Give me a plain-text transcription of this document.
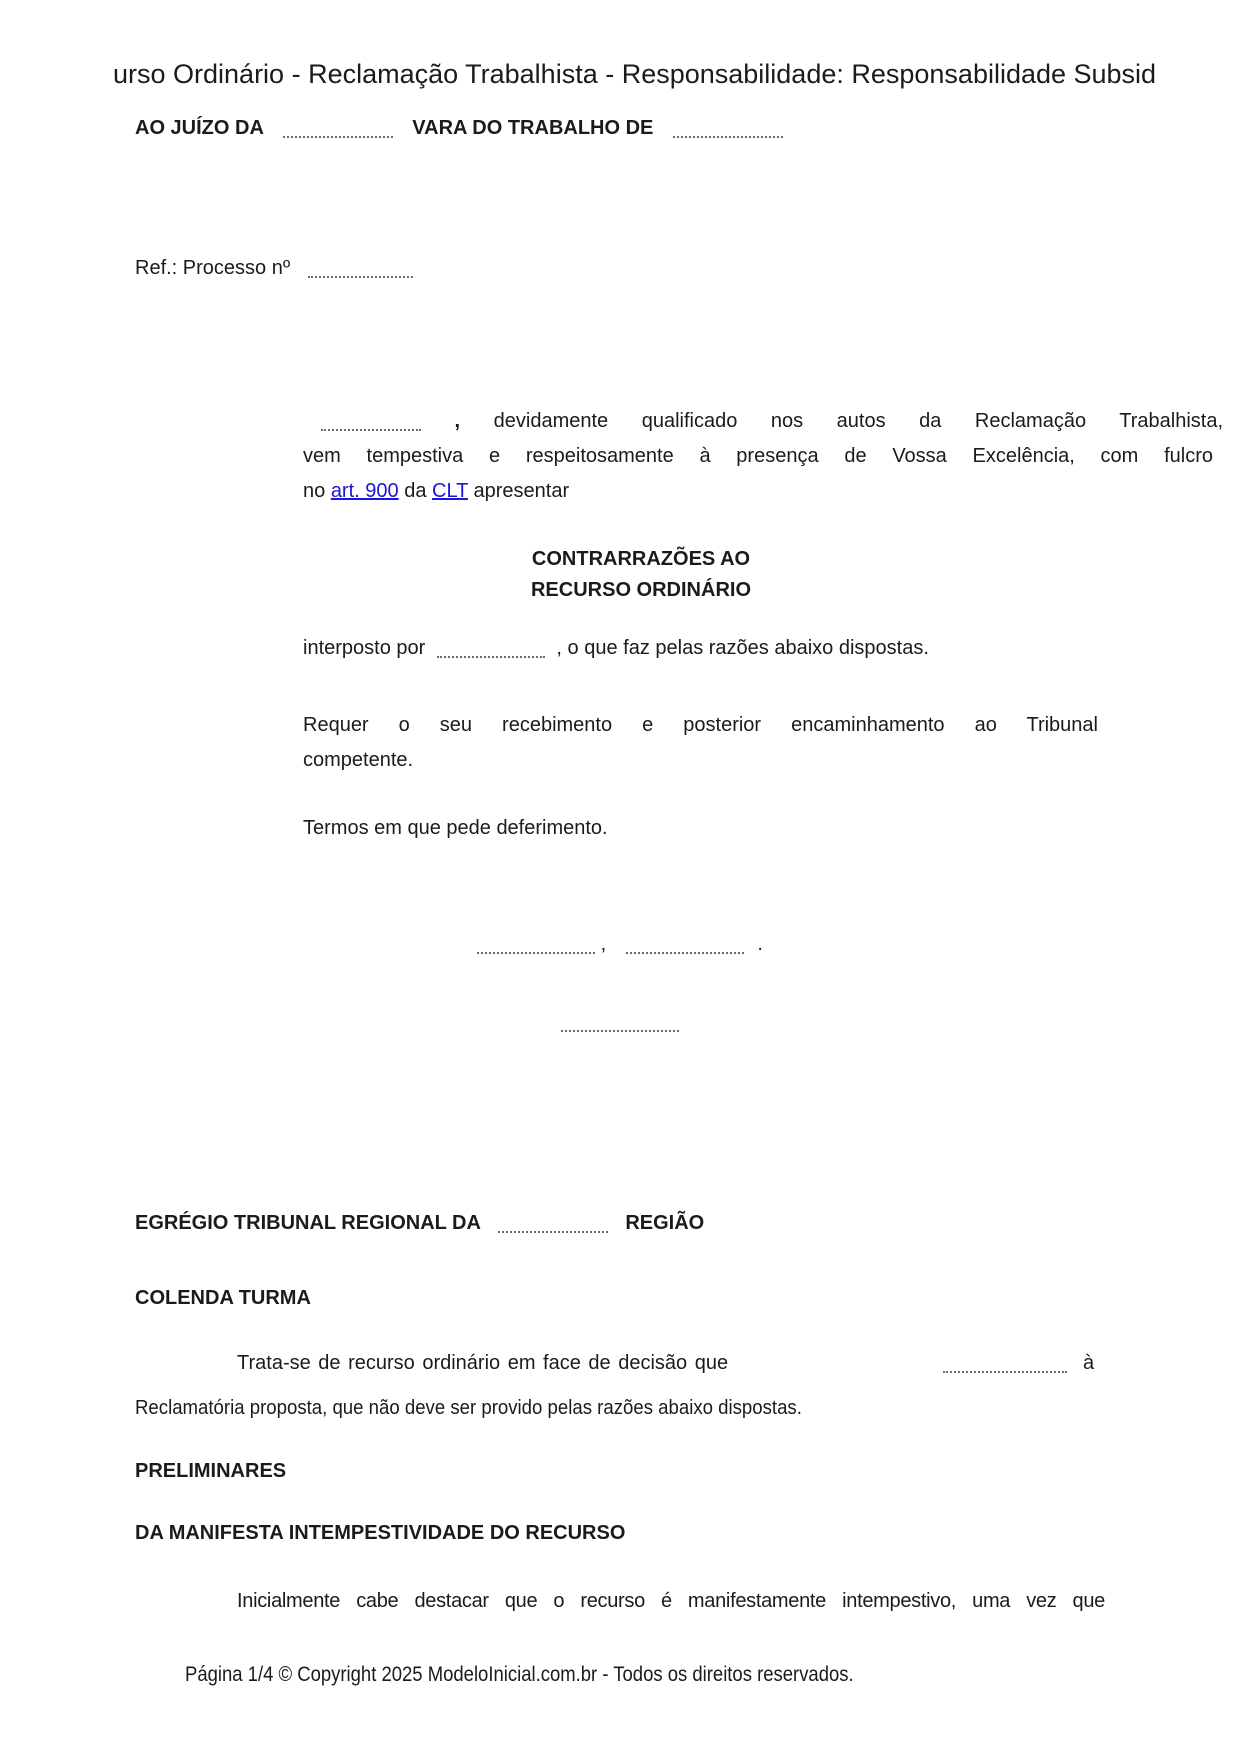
urso Ordinário - Reclamação Trabalhista - Responsabilidade: Responsabilidade Subsid
AO JUÍZO DA	VARA DO TRABALHO DE
Ref.: Processo nº
, devidamente qualificado nos autos da Reclamação Trabalhista,
vem tempestiva e respeitosamente à presença de Vossa Excelência, com fulcro
no art. 900 da CLT apresentar
CONTRARRAZÕES AO
RECURSO ORDINÁRIO
interposto por	, o que faz pelas razões abaixo dispostas.
Requer o seu recebimento e posterior encaminhamento ao Tribunal
competente.
Termos em que pede deferimento.
,	.
EGRÉGIO TRIBUNAL REGIONAL DA	REGIÃO
COLENDA TURMA
Trata-se de recurso ordinário em face de decisão que	à
Reclamatória proposta, que não deve ser provido pelas razões abaixo dispostas.
PRELIMINARES
DA MANIFESTA INTEMPESTIVIDADE DO RECURSO
Inicialmente cabe destacar que o recurso é manifestamente intempestivo, uma vez que
Página 1/4 © Copyright 2025 ModeloInicial.com.br - Todos os direitos reservados.
